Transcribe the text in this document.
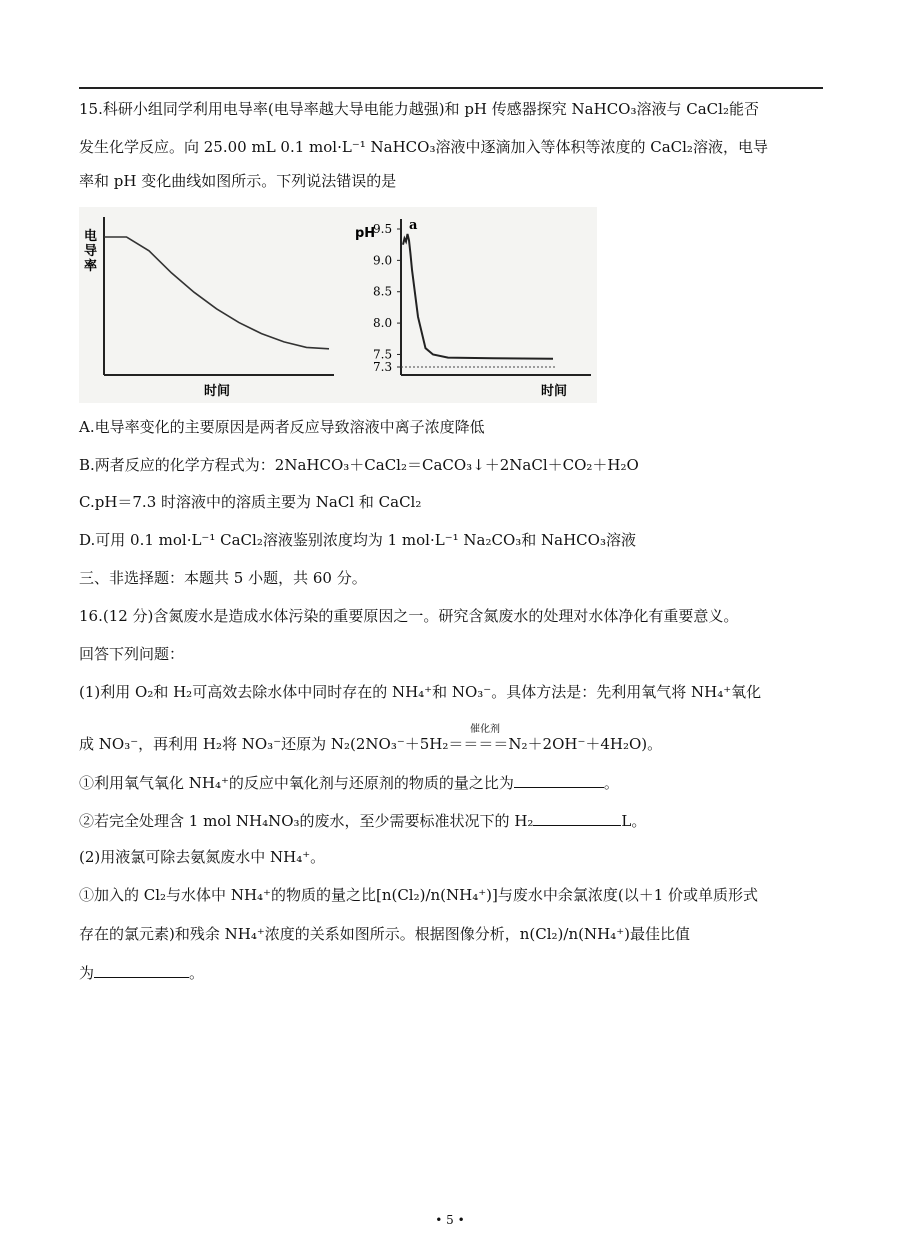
15.科研小组同学利用电导率(电导率越大导电能力越强)和 pH 传感器探究 NaHCO₃溶液与 CaCl₂能否
发生化学反应。向 25.00 mL 0.1 mol·L⁻¹ NaHCO₃溶液中逐滴加入等体积等浓度的 CaCl₂溶液，电导
率和 pH 变化曲线如图所示。下列说法错误的是
电
导
率
时间
pH
9.5
9.0
8.5
8.0
7.5
7.3
a
时间
A.电导率变化的主要原因是两者反应导致溶液中离子浓度降低
B.两者反应的化学方程式为：2NaHCO₃＋CaCl₂＝CaCO₃↓＋2NaCl＋CO₂＋H₂O
C.pH＝7.3 时溶液中的溶质主要为 NaCl 和 CaCl₂
D.可用 0.1 mol·L⁻¹ CaCl₂溶液鉴别浓度均为 1 mol·L⁻¹ Na₂CO₃和 NaHCO₃溶液
三、非选择题：本题共 5 小题，共 60 分。
16.(12 分)含氮废水是造成水体污染的重要原因之一。研究含氮废水的处理对水体净化有重要意义。
回答下列问题：
(1)利用 O₂和 H₂可高效去除水体中同时存在的 NH₄⁺和 NO₃⁻。具体方法是：先利用氧气将 NH₄⁺氧化
催化剂
成 NO₃⁻，再利用 H₂将 NO₃⁻还原为 N₂(2NO₃⁻＋5H₂＝＝＝＝N₂＋2OH⁻＋4H₂O)。
①利用氧气氧化 NH₄⁺的反应中氧化剂与还原剂的物质的量之比为	。
②若完全处理含 1 mol NH₄NO₃的废水，至少需要标准状况下的 H₂	L。
(2)用液氯可除去氨氮废水中 NH₄⁺。
①加入的 Cl₂与水体中 NH₄⁺的物质的量之比[n(Cl₂)/n(NH₄⁺)]与废水中余氯浓度(以＋1 价或单质形式
存在的氯元素)和残余 NH₄⁺浓度的关系如图所示。根据图像分析，n(Cl₂)/n(NH₄⁺)最佳比值
为	。
• 5 •
